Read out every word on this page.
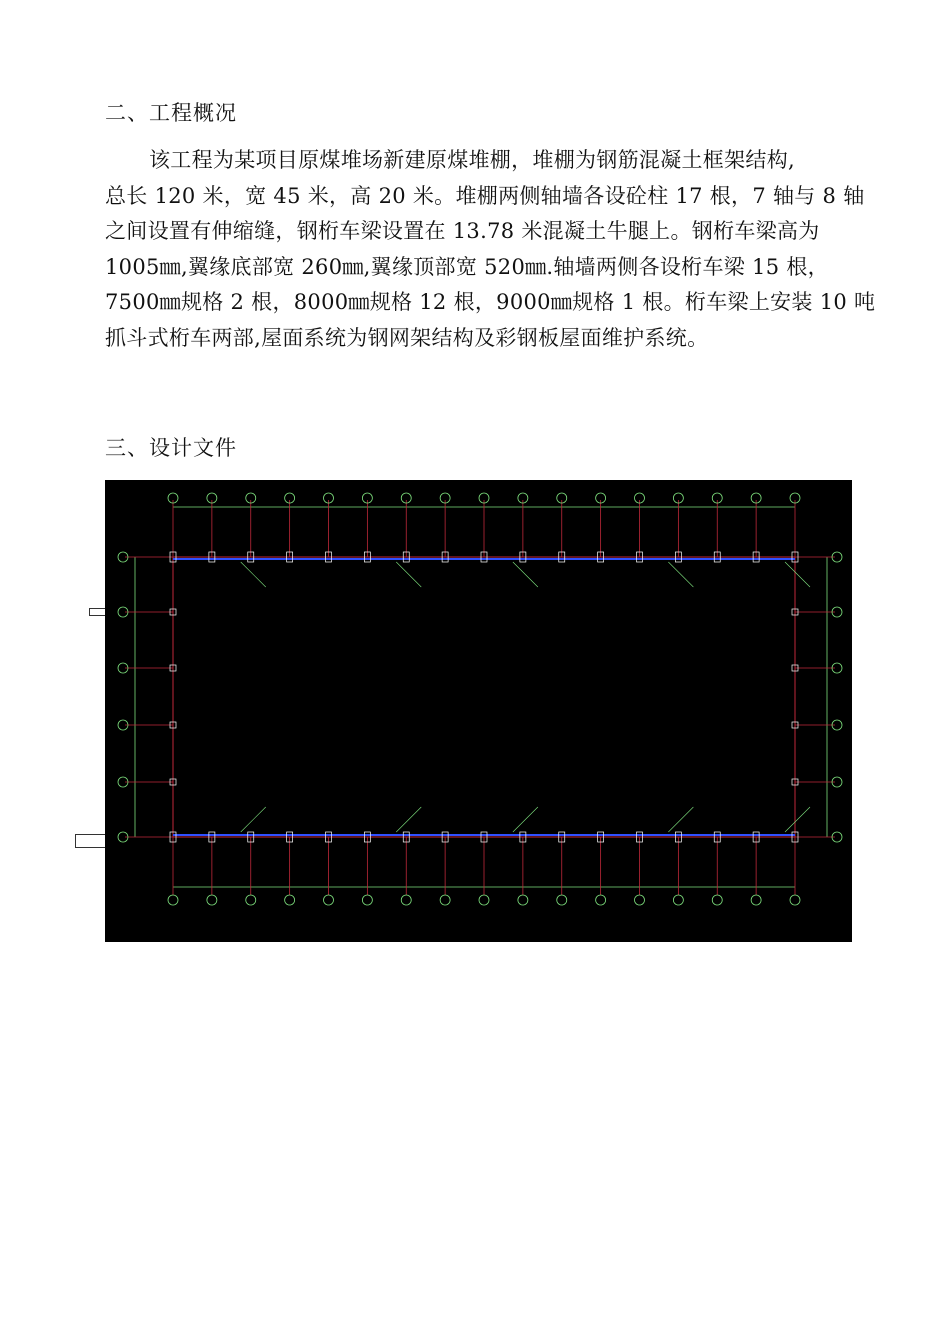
二、工程概况
该工程为某项目原煤堆场新建原煤堆棚，堆棚为钢筋混凝土框架结构,
总长 120 米，宽 45 米，高 20 米。堆棚两侧轴墙各设砼柱 17 根，7 轴与 8 轴
之间设置有伸缩缝，钢桁车梁设置在 13.78 米混凝土牛腿上。钢桁车梁高为
1005㎜,翼缘底部宽 260㎜,翼缘顶部宽 520㎜.轴墙两侧各设桁车梁 15 根，
7500㎜规格 2 根，8000㎜规格 12 根，9000㎜规格 1 根。桁车梁上安装 10 吨
抓斗式桁车两部,屋面系统为钢网架结构及彩钢板屋面维护系统。
三、设计文件
